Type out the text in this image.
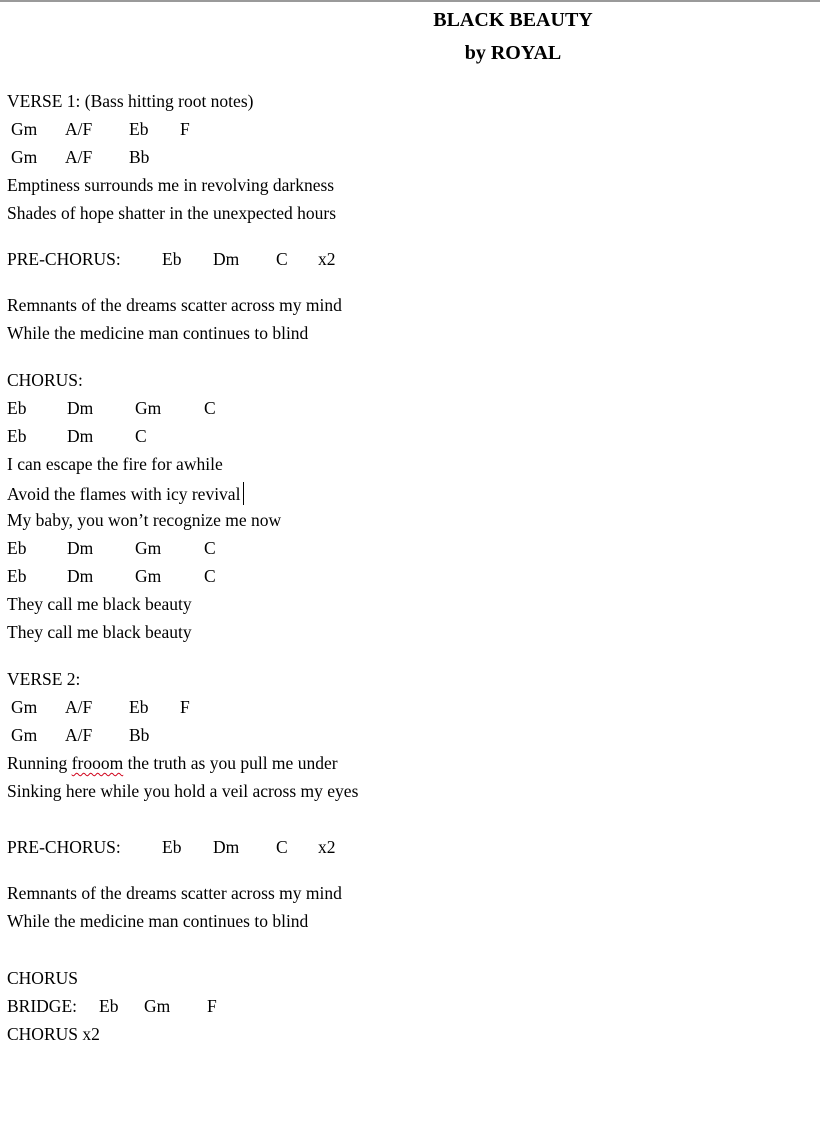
BLACK BEAUTY
by ROYAL
VERSE 1: (Bass hitting root notes)
Gm A/F Eb F
Gm A/F Bb
Emptiness surrounds me in revolving darkness
Shades of hope shatter in the unexpected hours
PRE-CHORUS: Eb Dm C x2
Remnants of the dreams scatter across my mind
While the medicine man continues to blind
CHORUS:
Eb Dm Gm C
Eb Dm C
I can escape the fire for awhile
Avoid the flames with icy revival
My baby, you won’t recognize me now
Eb Dm Gm C
Eb Dm Gm C
They call me black beauty
They call me black beauty
VERSE 2:
Gm A/F Eb F
Gm A/F Bb
Running frooom the truth as you pull me under
Sinking here while you hold a veil across my eyes
PRE-CHORUS: Eb Dm C x2
Remnants of the dreams scatter across my mind
While the medicine man continues to blind
CHORUS
BRIDGE: Eb Gm F
CHORUS x2
